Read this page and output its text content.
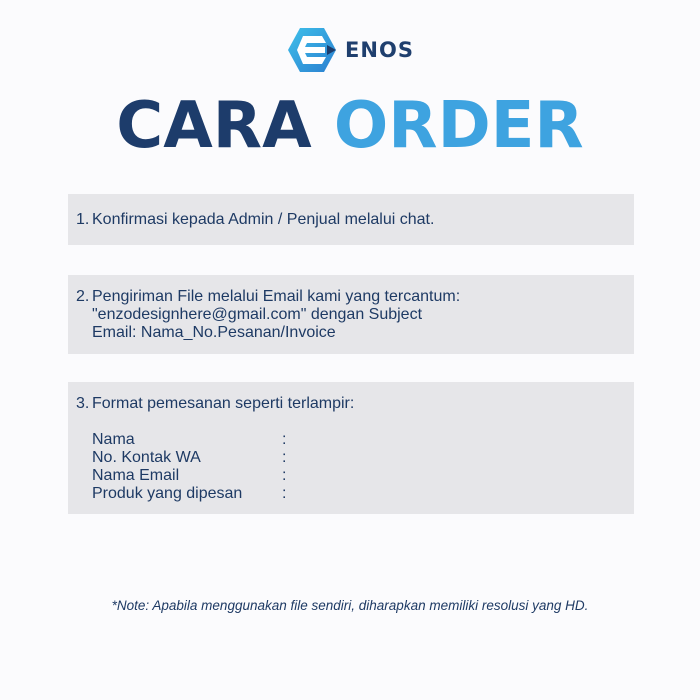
ENOS
CARA ORDER
1. Konfirmasi kepada Admin / Penjual melalui chat.
2. Pengiriman File melalui Email kami yang tercantum:
"enzodesignhere@gmail.com" dengan Subject
Email: Nama_No.Pesanan/Invoice
3. Format pemesanan seperti terlampir:
Nama	:
No. Kontak WA	:
Nama Email	:
Produk yang dipesan	:
*Note: Apabila menggunakan file sendiri, diharapkan memiliki resolusi yang HD.
